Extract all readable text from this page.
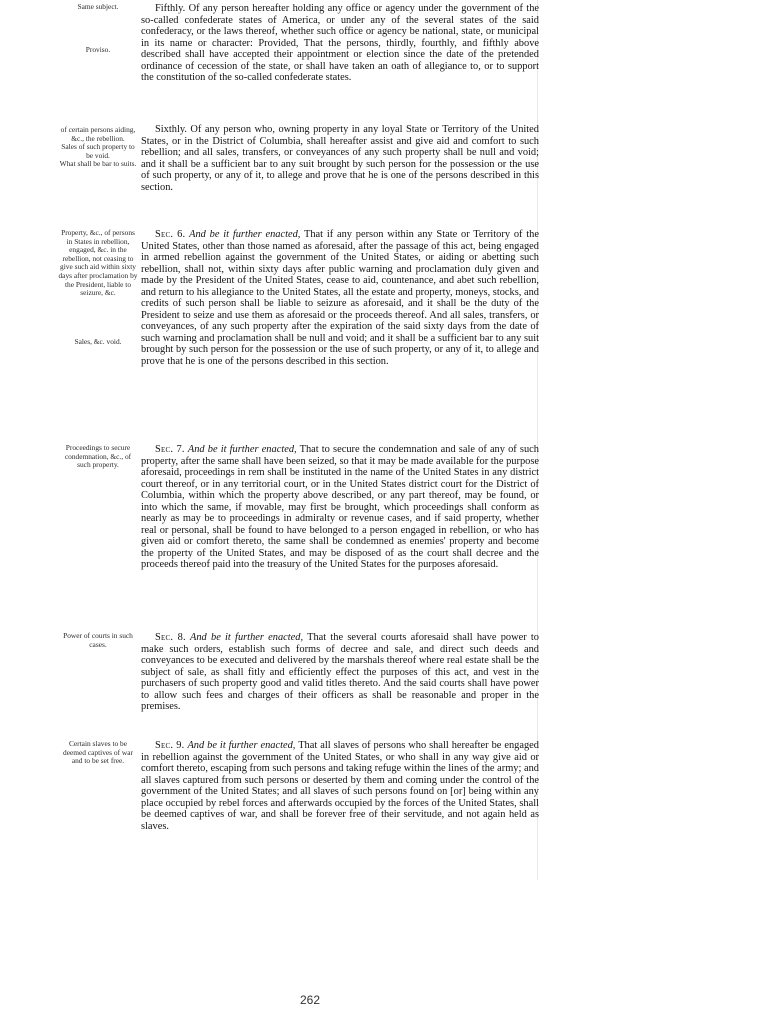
Same subject.
Proviso.

Fifthly. Of any person hereafter holding any office or agency under the government of the so-called confederate states of America, or under any of the several states of the said confederacy, or the laws thereof, whether such office or agency be national, state, or municipal in its name or character: Provided, That the persons, thirdly, fourthly, and fifthly above described shall have accepted their appointment or election since the date of the pretended ordinance of cecession of the state, or shall have taken an oath of allegiance to, or to support the constitution of the so-called confederate states.

of certain persons aiding, &c., the rebellion.
Sales of such property to be void.
What shall be bar to suits.

Sixthly. Of any person who, owning property in any loyal State or Territory of the United States, or in the District of Columbia, shall hereafter assist and give aid and comfort to such rebellion; and all sales, transfers, or conveyances of any such property shall be null and void; and it shall be a sufficient bar to any suit brought by such person for the possession or the use of such property, or any of it, to allege and prove that he is one of the persons described in this section.

Property, &c., of persons in States in rebellion, engaged, &c. in the rebellion, not ceasing to give such aid within sixty days after proclamation by the President, liable to seizure, &c.
Sales, &c. void.

Sec. 6. And be it further enacted, That if any person within any State or Territory of the United States, other than those named as aforesaid, after the passage of this act, being engaged in armed rebellion against the government of the United States, or aiding or abetting such rebellion, shall not, within sixty days after public warning and proclamation duly given and made by the President of the United States, cease to aid, countenance, and abet such rebellion, and return to his allegiance to the United States, all the estate and property, moneys, stocks, and credits of such person shall be liable to seizure as aforesaid, and it shall be the duty of the President to seize and use them as aforesaid or the proceeds thereof. And all sales, transfers, or conveyances, of any such property after the expiration of the said sixty days from the date of such warning and proclamation shall be null and void; and it shall be a sufficient bar to any suit brought by such person for the possession or the use of such property, or any of it, to allege and prove that he is one of the persons described in this section.

Proceedings to secure condemnation, &c., of such property.

Sec. 7. And be it further enacted, That to secure the condemnation and sale of any of such property, after the same shall have been seized, so that it may be made available for the purpose aforesaid, proceedings in rem shall be instituted in the name of the United States in any district court thereof, or in any territorial court, or in the United States district court for the District of Columbia, within which the property above described, or any part thereof, may be found, or into which the same, if movable, may first be brought, which proceedings shall conform as nearly as may be to proceedings in admiralty or revenue cases, and if said property, whether real or personal, shall be found to have belonged to a person engaged in rebellion, or who has given aid or comfort thereto, the same shall be condemned as enemies' property and become the property of the United States, and may be disposed of as the court shall decree and the proceeds thereof paid into the treasury of the United States for the purposes aforesaid.

Power of courts in such cases.

Sec. 8. And be it further enacted, That the several courts aforesaid shall have power to make such orders, establish such forms of decree and sale, and direct such deeds and conveyances to be executed and delivered by the marshals thereof where real estate shall be the subject of sale, as shall fitly and efficiently effect the purposes of this act, and vest in the purchasers of such property good and valid titles thereto. And the said courts shall have power to allow such fees and charges of their officers as shall be reasonable and proper in the premises.

Certain slaves to be deemed captives of war and to be set free.

Sec. 9. And be it further enacted, That all slaves of persons who shall hereafter be engaged in rebellion against the government of the United States, or who shall in any way give aid or comfort thereto, escaping from such persons and taking refuge within the lines of the army; and all slaves captured from such persons or deserted by them and coming under the control of the government of the United States; and all slaves of such persons found on [or] being within any place occupied by rebel forces and afterwards occupied by the forces of the United States, shall be deemed captives of war, and shall be forever free of their servitude, and not again held as slaves.

262
